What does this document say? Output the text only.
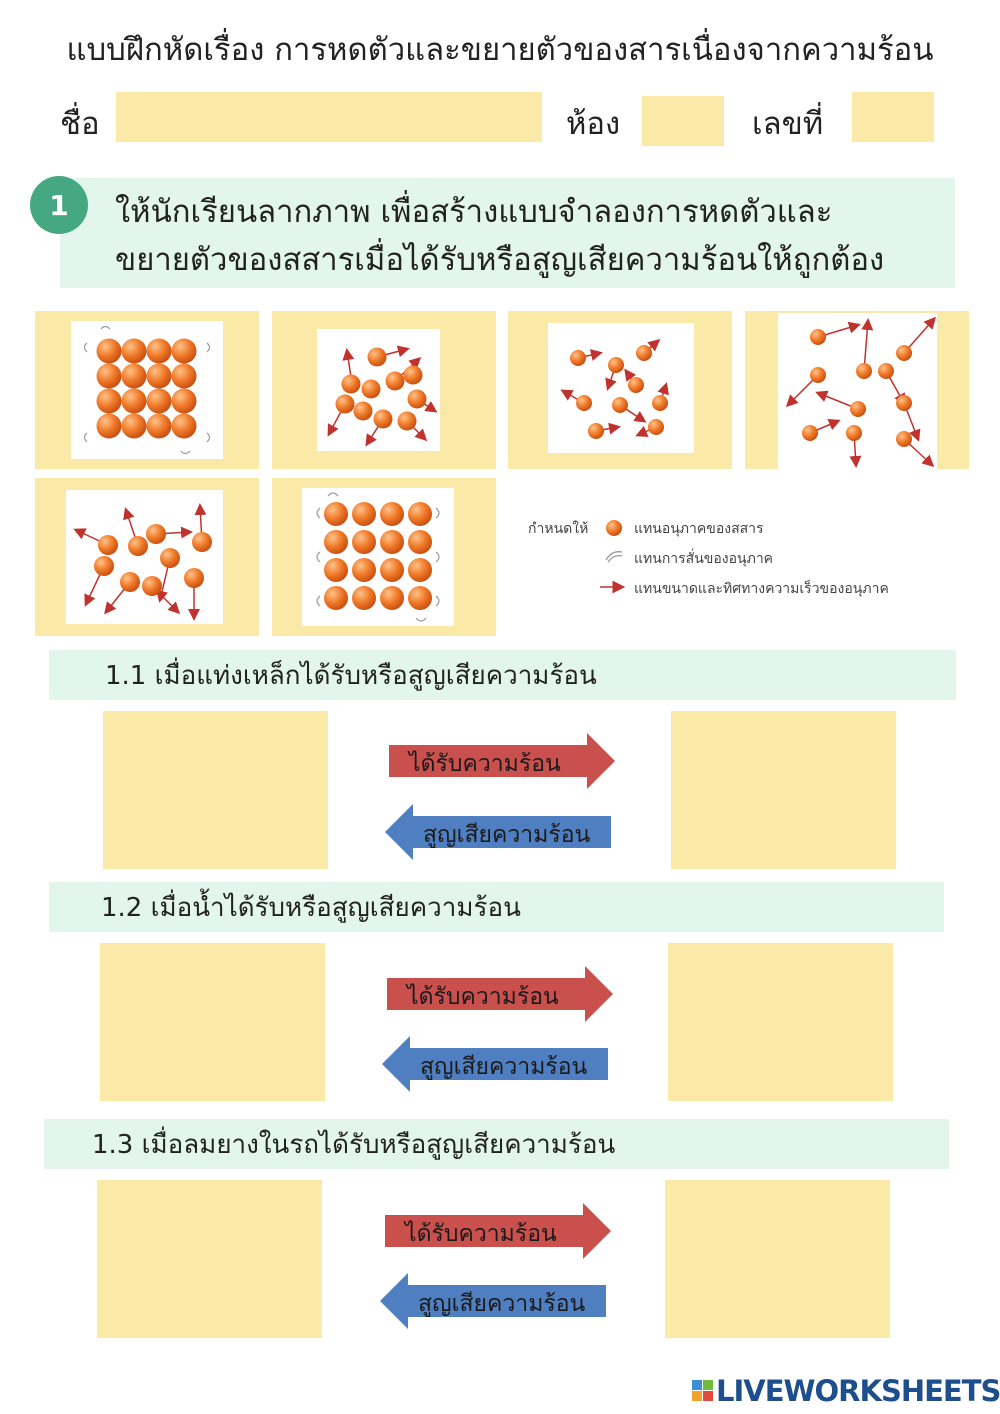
แบบฝึกหัดเรื่อง การหดตัวและขยายตัวของสารเนื่องจากความร้อน
ชื่อ	ห้อง	เลขที่
ให้นักเรียนลากภาพ เพื่อสร้างแบบจำลองการหดตัวและ
ขยายตัวของสสารเมื่อได้รับหรือสูญเสียความร้อนให้ถูกต้อง
1
กำหนดให้	แทนอนุภาคของสสาร
แทนการสั่นของอนุภาค
แทนขนาดและทิศทางความเร็วของอนุภาค
1.1 เมื่อแท่งเหล็กได้รับหรือสูญเสียความร้อน
ได้รับความร้อน
สูญเสียความร้อน
1.2 เมื่อน้ำได้รับหรือสูญเสียความร้อน
ได้รับความร้อน
สูญเสียความร้อน
1.3 เมื่อลมยางในรถได้รับหรือสูญเสียความร้อน
ได้รับความร้อน
สูญเสียความร้อน
LIVEWORKSHEETS
